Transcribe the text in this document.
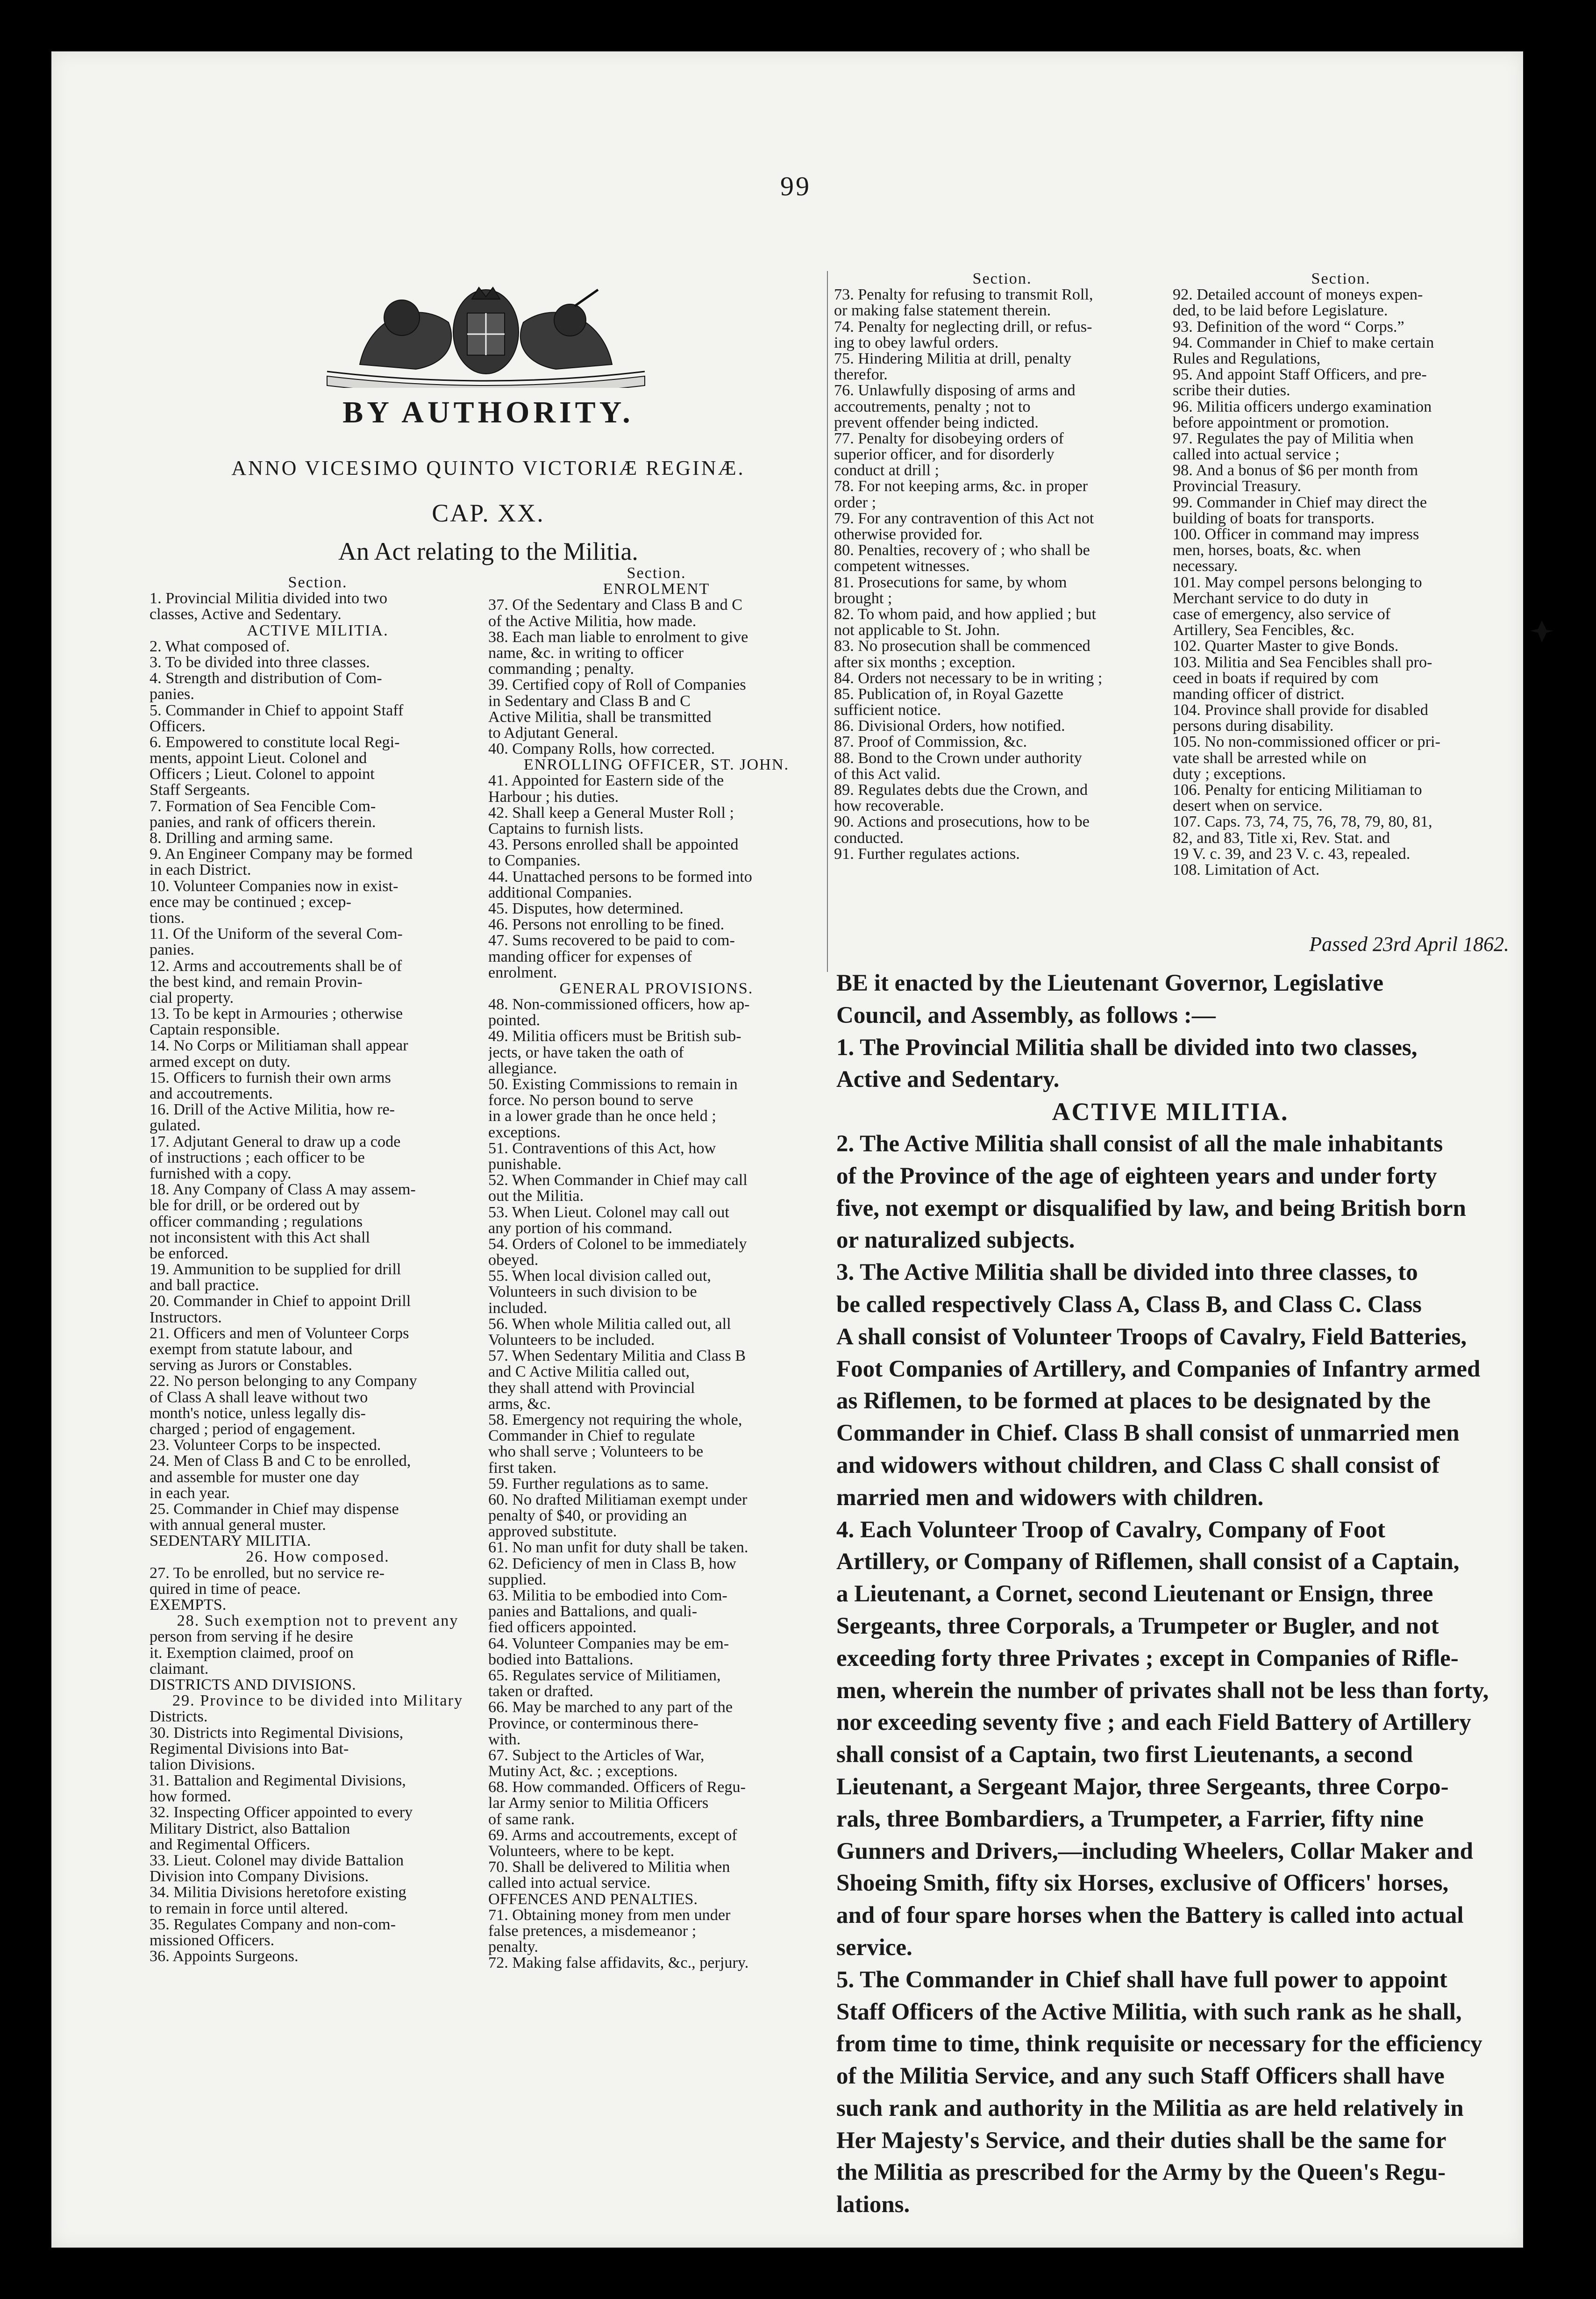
99
BY AUTHORITY.
ANNO VICESIMO QUINTO VICTORIÆ REGINÆ.
CAP. XX.
An Act relating to the Militia.
Section.
1. Provincial Militia divided into two
classes, Active and Sedentary.
ACTIVE MILITIA.
2. What composed of.
3. To be divided into three classes.
4. Strength and distribution of Com-
panies.
5. Commander in Chief to appoint Staff
Officers.
6. Empowered to constitute local Regi-
ments, appoint Lieut. Colonel and
Officers ; Lieut. Colonel to appoint
Staff Sergeants.
7. Formation of Sea Fencible Com-
panies, and rank of officers therein.
8. Drilling and arming same.
9. An Engineer Company may be formed
in each District.
10. Volunteer Companies now in exist-
ence may be continued ; excep-
tions.
11. Of the Uniform of the several Com-
panies.
12. Arms and accoutrements shall be of
the best kind, and remain Provin-
cial property.
13. To be kept in Armouries ; otherwise
Captain responsible.
14. No Corps or Militiaman shall appear
armed except on duty.
15. Officers to furnish their own arms
and accoutrements.
16. Drill of the Active Militia, how re-
gulated.
17. Adjutant General to draw up a code
of instructions ; each officer to be
furnished with a copy.
18. Any Company of Class A may assem-
ble for drill, or be ordered out by
officer commanding ; regulations
not inconsistent with this Act shall
be enforced.
19. Ammunition to be supplied for drill
and ball practice.
20. Commander in Chief to appoint Drill
Instructors.
21. Officers and men of Volunteer Corps
exempt from statute labour, and
serving as Jurors or Constables.
22. No person belonging to any Company
of Class A shall leave without two
month's notice, unless legally dis-
charged ; period of engagement.
23. Volunteer Corps to be inspected.
24. Men of Class B and C to be enrolled,
and assemble for muster one day
in each year.
25. Commander in Chief may dispense
with annual general muster.
SEDENTARY MILITIA.
26. How composed.
27. To be enrolled, but no service re-
quired in time of peace.
EXEMPTS.
28. Such exemption not to prevent any
person from serving if he desire
it. Exemption claimed, proof on
claimant.
DISTRICTS AND DIVISIONS.
29. Province to be divided into Military
Districts.
30. Districts into Regimental Divisions,
Regimental Divisions into Bat-
talion Divisions.
31. Battalion and Regimental Divisions,
how formed.
32. Inspecting Officer appointed to every
Military District, also Battalion
and Regimental Officers.
33. Lieut. Colonel may divide Battalion
Division into Company Divisions.
34. Militia Divisions heretofore existing
to remain in force until altered.
35. Regulates Company and non-com-
missioned Officers.
36. Appoints Surgeons.
Section.
ENROLMENT
37. Of the Sedentary and Class B and C
of the Active Militia, how made.
38. Each man liable to enrolment to give
name, &c. in writing to officer
commanding ; penalty.
39. Certified copy of Roll of Companies
in Sedentary and Class B and C
Active Militia, shall be transmitted
to Adjutant General.
40. Company Rolls, how corrected.
ENROLLING OFFICER, ST. JOHN.
41. Appointed for Eastern side of the
Harbour ; his duties.
42. Shall keep a General Muster Roll ;
Captains to furnish lists.
43. Persons enrolled shall be appointed
to Companies.
44. Unattached persons to be formed into
additional Companies.
45. Disputes, how determined.
46. Persons not enrolling to be fined.
47. Sums recovered to be paid to com-
manding officer for expenses of
enrolment.
GENERAL PROVISIONS.
48. Non-commissioned officers, how ap-
pointed.
49. Militia officers must be British sub-
jects, or have taken the oath of
allegiance.
50. Existing Commissions to remain in
force. No person bound to serve
in a lower grade than he once held ;
exceptions.
51. Contraventions of this Act, how
punishable.
52. When Commander in Chief may call
out the Militia.
53. When Lieut. Colonel may call out
any portion of his command.
54. Orders of Colonel to be immediately
obeyed.
55. When local division called out,
Volunteers in such division to be
included.
56. When whole Militia called out, all
Volunteers to be included.
57. When Sedentary Militia and Class B
and C Active Militia called out,
they shall attend with Provincial
arms, &c.
58. Emergency not requiring the whole,
Commander in Chief to regulate
who shall serve ; Volunteers to be
first taken.
59. Further regulations as to same.
60. No drafted Militiaman exempt under
penalty of $40, or providing an
approved substitute.
61. No man unfit for duty shall be taken.
62. Deficiency of men in Class B, how
supplied.
63. Militia to be embodied into Com-
panies and Battalions, and quali-
fied officers appointed.
64. Volunteer Companies may be em-
bodied into Battalions.
65. Regulates service of Militiamen,
taken or drafted.
66. May be marched to any part of the
Province, or conterminous there-
with.
67. Subject to the Articles of War,
Mutiny Act, &c. ; exceptions.
68. How commanded. Officers of Regu-
lar Army senior to Militia Officers
of same rank.
69. Arms and accoutrements, except of
Volunteers, where to be kept.
70. Shall be delivered to Militia when
called into actual service.
OFFENCES AND PENALTIES.
71. Obtaining money from men under
false pretences, a misdemeanor ;
penalty.
72. Making false affidavits, &c., perjury.
Section.
73. Penalty for refusing to transmit Roll,
or making false statement therein.
74. Penalty for neglecting drill, or refus-
ing to obey lawful orders.
75. Hindering Militia at drill, penalty
therefor.
76. Unlawfully disposing of arms and
accoutrements, penalty ; not to
prevent offender being indicted.
77. Penalty for disobeying orders of
superior officer, and for disorderly
conduct at drill ;
78. For not keeping arms, &c. in proper
order ;
79. For any contravention of this Act not
otherwise provided for.
80. Penalties, recovery of ; who shall be
competent witnesses.
81. Prosecutions for same, by whom
brought ;
82. To whom paid, and how applied ; but
not applicable to St. John.
83. No prosecution shall be commenced
after six months ; exception.
84. Orders not necessary to be in writing ;
85. Publication of, in Royal Gazette
sufficient notice.
86. Divisional Orders, how notified.
87. Proof of Commission, &c.
88. Bond to the Crown under authority
of this Act valid.
89. Regulates debts due the Crown, and
how recoverable.
90. Actions and prosecutions, how to be
conducted.
91. Further regulates actions.
Section.
92. Detailed account of moneys expen-
ded, to be laid before Legislature.
93. Definition of the word “ Corps.”
94. Commander in Chief to make certain
Rules and Regulations,
95. And appoint Staff Officers, and pre-
scribe their duties.
96. Militia officers undergo examination
before appointment or promotion.
97. Regulates the pay of Militia when
called into actual service ;
98. And a bonus of $6 per month from
Provincial Treasury.
99. Commander in Chief may direct the
building of boats for transports.
100. Officer in command may impress
men, horses, boats, &c. when
necessary.
101. May compel persons belonging to
Merchant service to do duty in
case of emergency, also service of
Artillery, Sea Fencibles, &c.
102. Quarter Master to give Bonds.
103. Militia and Sea Fencibles shall pro-
ceed in boats if required by com
manding officer of district.
104. Province shall provide for disabled
persons during disability.
105. No non-commissioned officer or pri-
vate shall be arrested while on
duty ; exceptions.
106. Penalty for enticing Militiaman to
desert when on service.
107. Caps. 73, 74, 75, 76, 78, 79, 80, 81,
82, and 83, Title xi, Rev. Stat. and
19 V. c. 39, and 23 V. c. 43, repealed.
108. Limitation of Act.
Passed 23rd April 1862.
BE it enacted by the Lieutenant Governor, Legislative
Council, and Assembly, as follows :—
1. The Provincial Militia shall be divided into two classes,
Active and Sedentary.
ACTIVE MILITIA.
2. The Active Militia shall consist of all the male inhabitants
of the Province of the age of eighteen years and under forty
five, not exempt or disqualified by law, and being British born
or naturalized subjects.
3. The Active Militia shall be divided into three classes, to
be called respectively Class A, Class B, and Class C. Class
A shall consist of Volunteer Troops of Cavalry, Field Batteries,
Foot Companies of Artillery, and Companies of Infantry armed
as Riflemen, to be formed at places to be designated by the
Commander in Chief. Class B shall consist of unmarried men
and widowers without children, and Class C shall consist of
married men and widowers with children.
4. Each Volunteer Troop of Cavalry, Company of Foot
Artillery, or Company of Riflemen, shall consist of a Captain,
a Lieutenant, a Cornet, second Lieutenant or Ensign, three
Sergeants, three Corporals, a Trumpeter or Bugler, and not
exceeding forty three Privates ; except in Companies of Rifle-
men, wherein the number of privates shall not be less than forty,
nor exceeding seventy five ; and each Field Battery of Artillery
shall consist of a Captain, two first Lieutenants, a second
Lieutenant, a Sergeant Major, three Sergeants, three Corpo-
rals, three Bombardiers, a Trumpeter, a Farrier, fifty nine
Gunners and Drivers,—including Wheelers, Collar Maker and
Shoeing Smith, fifty six Horses, exclusive of Officers' horses,
and of four spare horses when the Battery is called into actual
service.
5. The Commander in Chief shall have full power to appoint
Staff Officers of the Active Militia, with such rank as he shall,
from time to time, think requisite or necessary for the efficiency
of the Militia Service, and any such Staff Officers shall have
such rank and authority in the Militia as are held relatively in
Her Majesty's Service, and their duties shall be the same for
the Militia as prescribed for the Army by the Queen's Regu-
lations.
